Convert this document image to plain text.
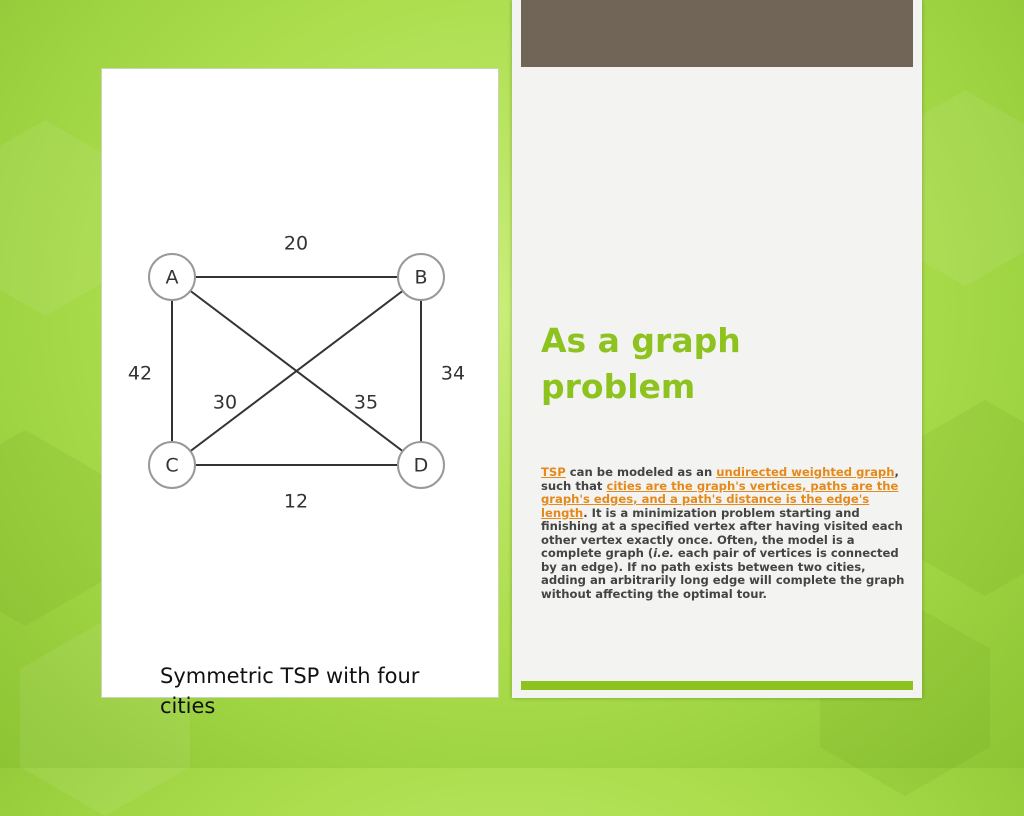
A	B
C	D
20
12
42	34
30	35
Symmetric TSP with four cities
As a graph problem

TSP can be modeled as an undirected weighted graph, such that cities are the graph's vertices, paths are the graph's edges, and a path's distance is the edge's length. It is a minimization problem starting and finishing at a specified vertex after having visited each other vertex exactly once. Often, the model is a complete graph (i.e. each pair of vertices is connected by an edge). If no path exists between two cities, adding an arbitrarily long edge will complete the graph without affecting the optimal tour.
